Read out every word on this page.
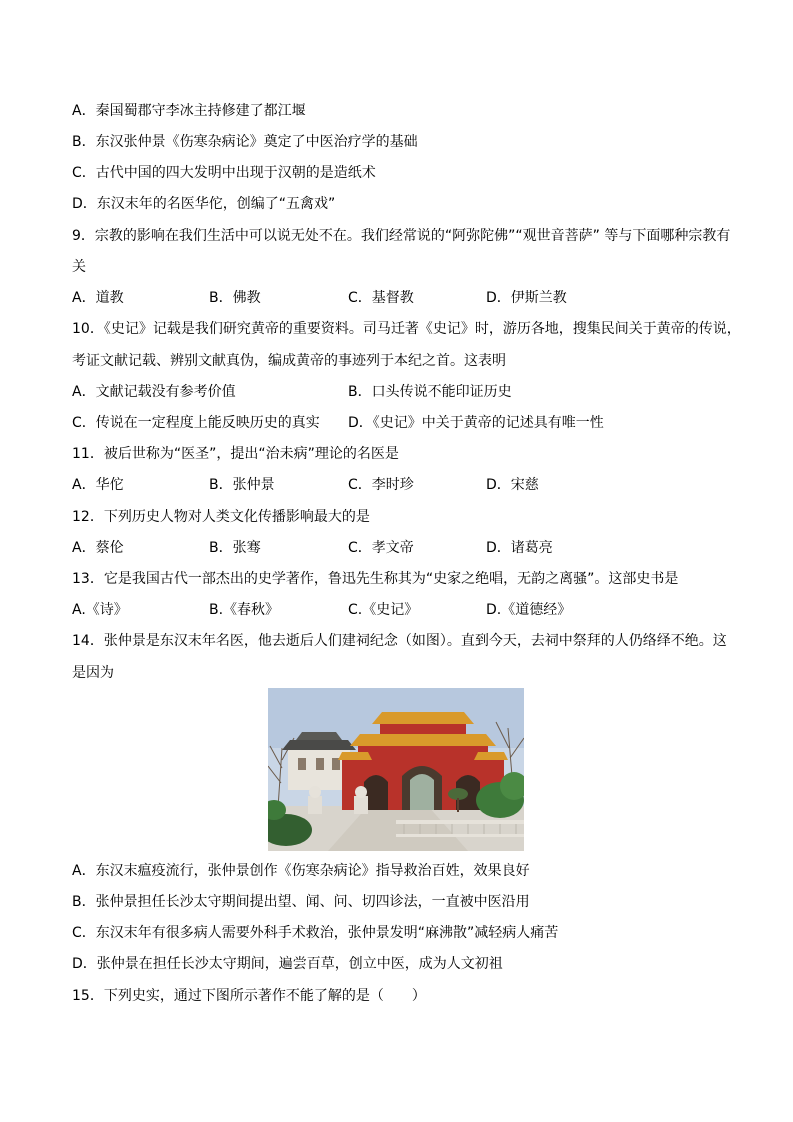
A．秦国蜀郡守李冰主持修建了都江堰
B．东汉张仲景《伤寒杂病论》奠定了中医治疗学的基础
C．古代中国的四大发明中出现于汉朝的是造纸术
D．东汉末年的名医华佗，创编了“五禽戏”
9．宗教的影响在我们生活中可以说无处不在。我们经常说的“阿弥陀佛”“观世音菩萨” 等与下面哪种宗教有
关
A．道教	B．佛教	C．基督教	D．伊斯兰教
10．《史记》记载是我们研究黄帝的重要资料。司马迁著《史记》时，游历各地，搜集民间关于黄帝的传说，
考证文献记载、辨别文献真伪，编成黄帝的事迹列于本纪之首。这表明
A．文献记载没有参考价值	B．口头传说不能印证历史
C．传说在一定程度上能反映历史的真实 D．《史记》中关于黄帝的记述具有唯一性
11．被后世称为“医圣”，提出“治未病”理论的名医是
A．华佗	B．张仲景	C．李时珍	D．宋慈
12．下列历史人物对人类文化传播影响最大的是
A．蔡伦	B．张骞	C．孝文帝	D．诸葛亮
13．它是我国古代一部杰出的史学著作，鲁迅先生称其为“史家之绝唱，无韵之离骚”。这部史书是
A.《诗》	B.《春秋》	C.《史记》	D.《道德经》
14．张仲景是东汉末年名医，他去逝后人们建祠纪念（如图）。直到今天，去祠中祭拜的人仍络绎不绝。这
是因为
A．东汉末瘟疫流行，张仲景创作《伤寒杂病论》指导救治百姓，效果良好
B．张仲景担任长沙太守期间提出望、闻、问、切四诊法，一直被中医沿用
C．东汉末年有很多病人需要外科手术救治，张仲景发明“麻沸散”减轻病人痛苦
D．张仲景在担任长沙太守期间，遍尝百草，创立中医，成为人文初祖
15．下列史实，通过下图所示著作不能了解的是（　　）
